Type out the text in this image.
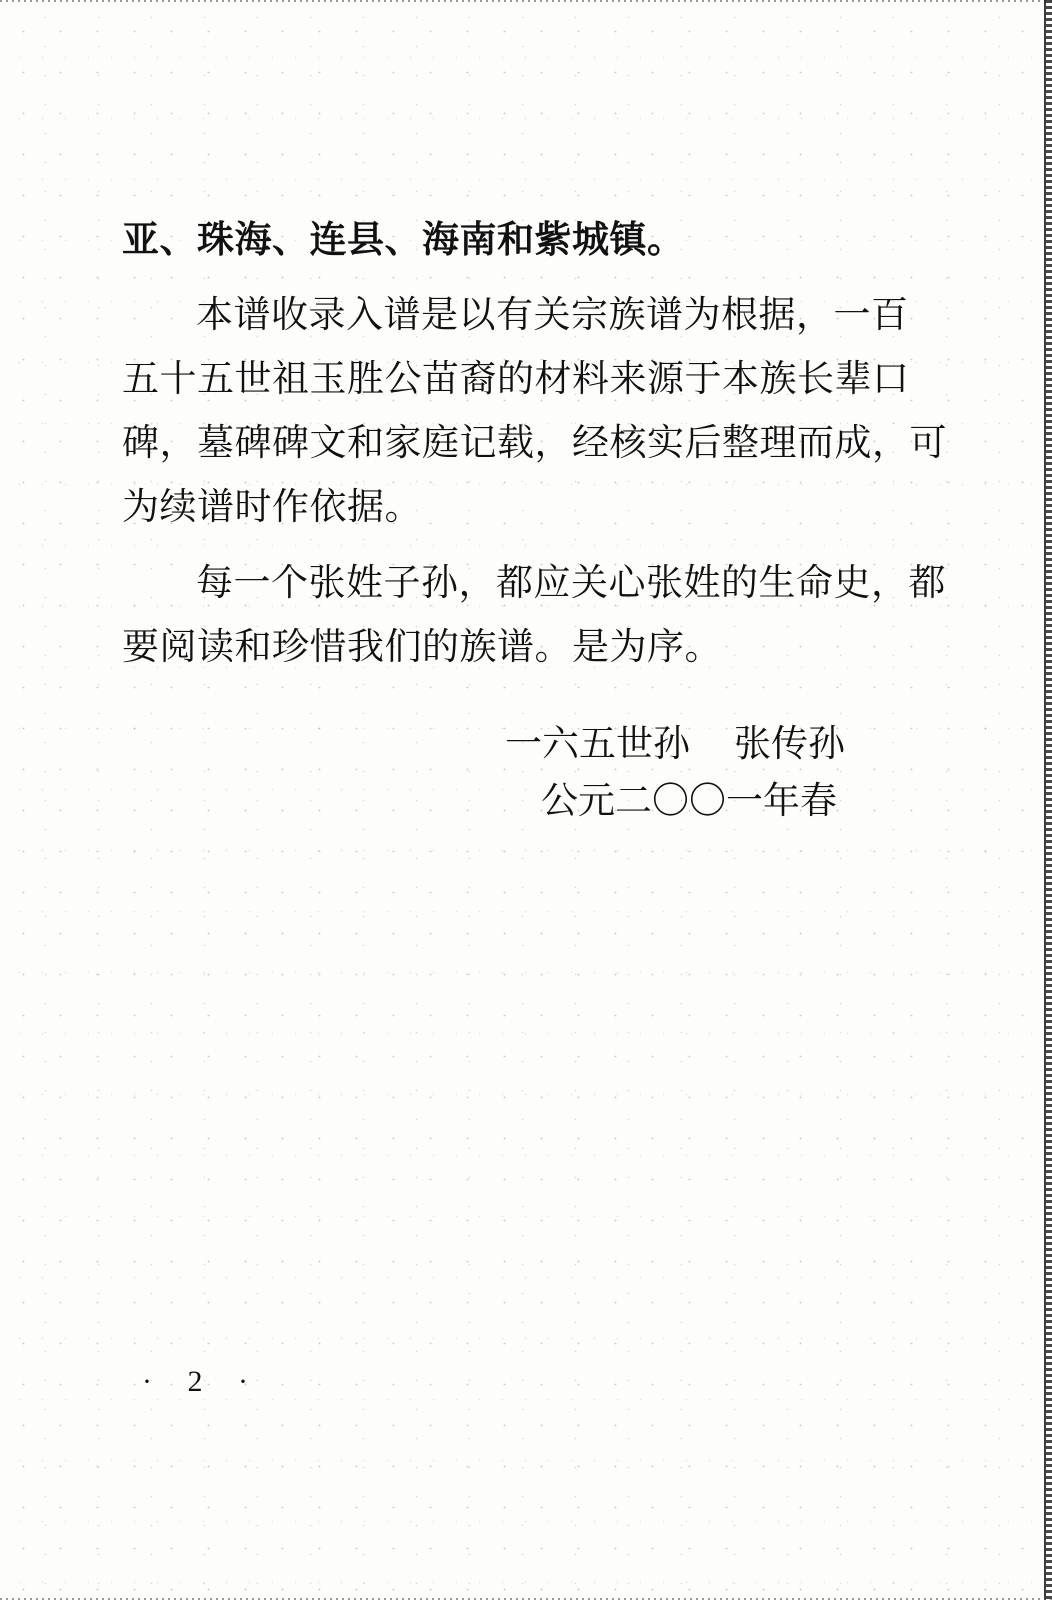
亚、珠海、连县、海南和紫城镇。
本谱收录入谱是以有关宗族谱为根据，一百
五十五世祖玉胜公苗裔的材料来源于本族长辈口
碑，墓碑碑文和家庭记载，经核实后整理而成，可
为续谱时作依据。
每一个张姓子孙，都应关心张姓的生命史，都
要阅读和珍惜我们的族谱。是为序。
一六五世孙 张传孙
公元二〇〇一年春
· 2 ·
